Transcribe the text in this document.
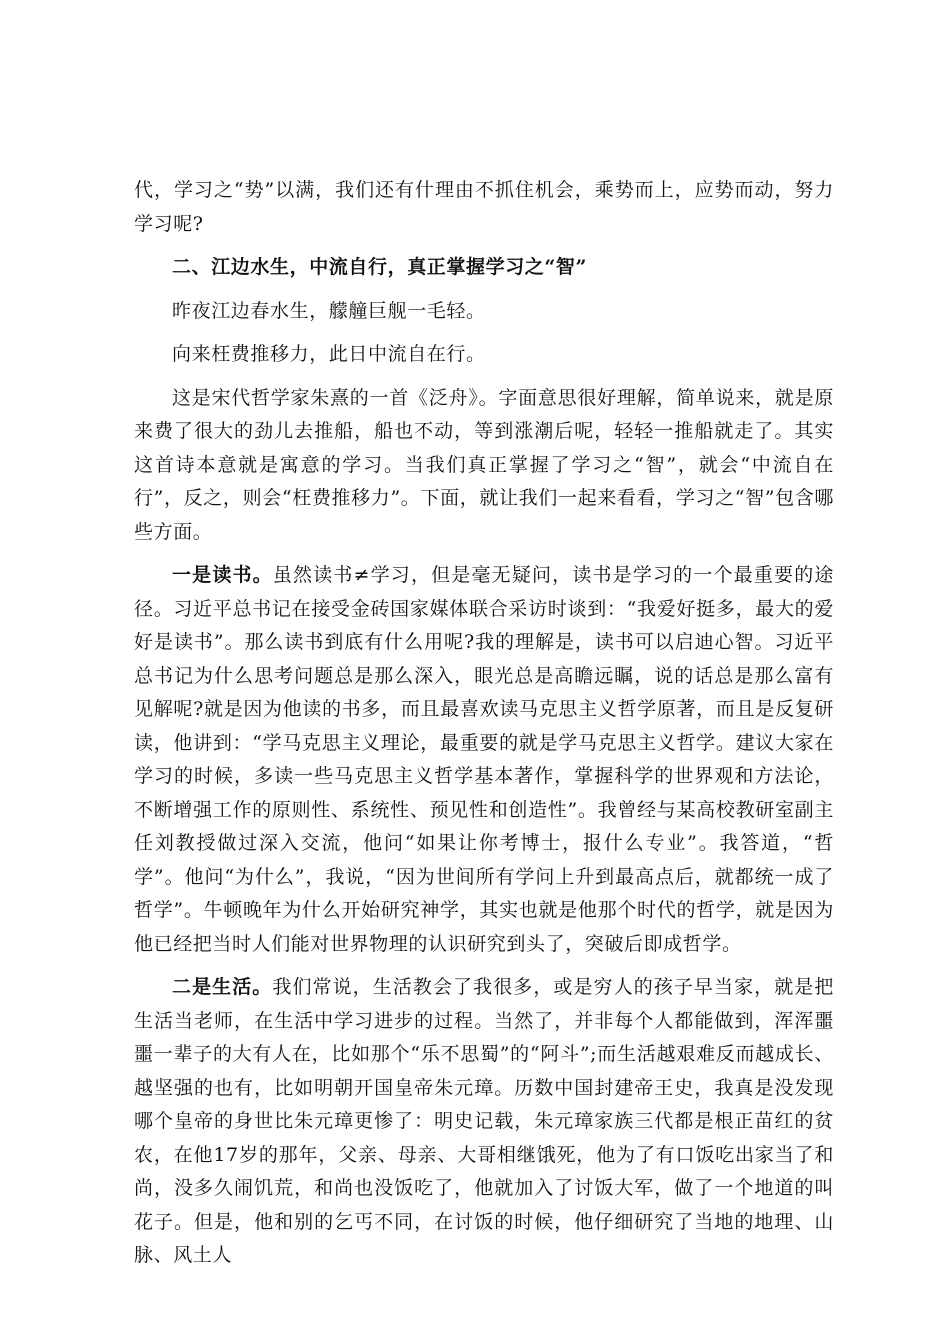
代，学习之“势”以满，我们还有什理由不抓住机会，乘势而上，应势而动，努力学习呢?

二、江边水生，中流自行，真正掌握学习之“智”

昨夜江边春水生，艨艟巨舰一毛轻。

向来枉费推移力，此日中流自在行。

这是宋代哲学家朱熹的一首《泛舟》。字面意思很好理解，简单说来，就是原来费了很大的劲儿去推船，船也不动，等到涨潮后呢，轻轻一推船就走了。其实这首诗本意就是寓意的学习。当我们真正掌握了学习之“智”，就会“中流自在行”，反之，则会“枉费推移力”。下面，就让我们一起来看看，学习之“智”包含哪些方面。

一是读书。虽然读书≠学习，但是毫无疑问，读书是学习的一个最重要的途径。习近平总书记在接受金砖国家媒体联合采访时谈到：“我爱好挺多，最大的爱好是读书”。那么读书到底有什么用呢?我的理解是，读书可以启迪心智。习近平总书记为什么思考问题总是那么深入，眼光总是高瞻远瞩，说的话总是那么富有见解呢?就是因为他读的书多，而且最喜欢读马克思主义哲学原著，而且是反复研读，他讲到：“学马克思主义理论，最重要的就是学马克思主义哲学。建议大家在学习的时候，多读一些马克思主义哲学基本著作，掌握科学的世界观和方法论，不断增强工作的原则性、系统性、预见性和创造性”。我曾经与某高校教研室副主任刘教授做过深入交流，他问“如果让你考博士，报什么专业”。我答道，“哲学”。他问“为什么”，我说，“因为世间所有学问上升到最高点后，就都统一成了哲学”。牛顿晚年为什么开始研究神学，其实也就是他那个时代的哲学，就是因为他已经把当时人们能对世界物理的认识研究到头了，突破后即成哲学。

二是生活。我们常说，生活教会了我很多，或是穷人的孩子早当家，就是把生活当老师，在生活中学习进步的过程。当然了，并非每个人都能做到，浑浑噩噩一辈子的大有人在，比如那个“乐不思蜀”的“阿斗”;而生活越艰难反而越成长、越坚强的也有，比如明朝开国皇帝朱元璋。历数中国封建帝王史，我真是没发现哪个皇帝的身世比朱元璋更惨了：明史记载，朱元璋家族三代都是根正苗红的贫农，在他17岁的那年，父亲、母亲、大哥相继饿死，他为了有口饭吃出家当了和尚，没多久闹饥荒，和尚也没饭吃了，他就加入了讨饭大军，做了一个地道的叫花子。但是，他和别的乞丐不同，在讨饭的时候，他仔细研究了当地的地理、山脉、风土人
